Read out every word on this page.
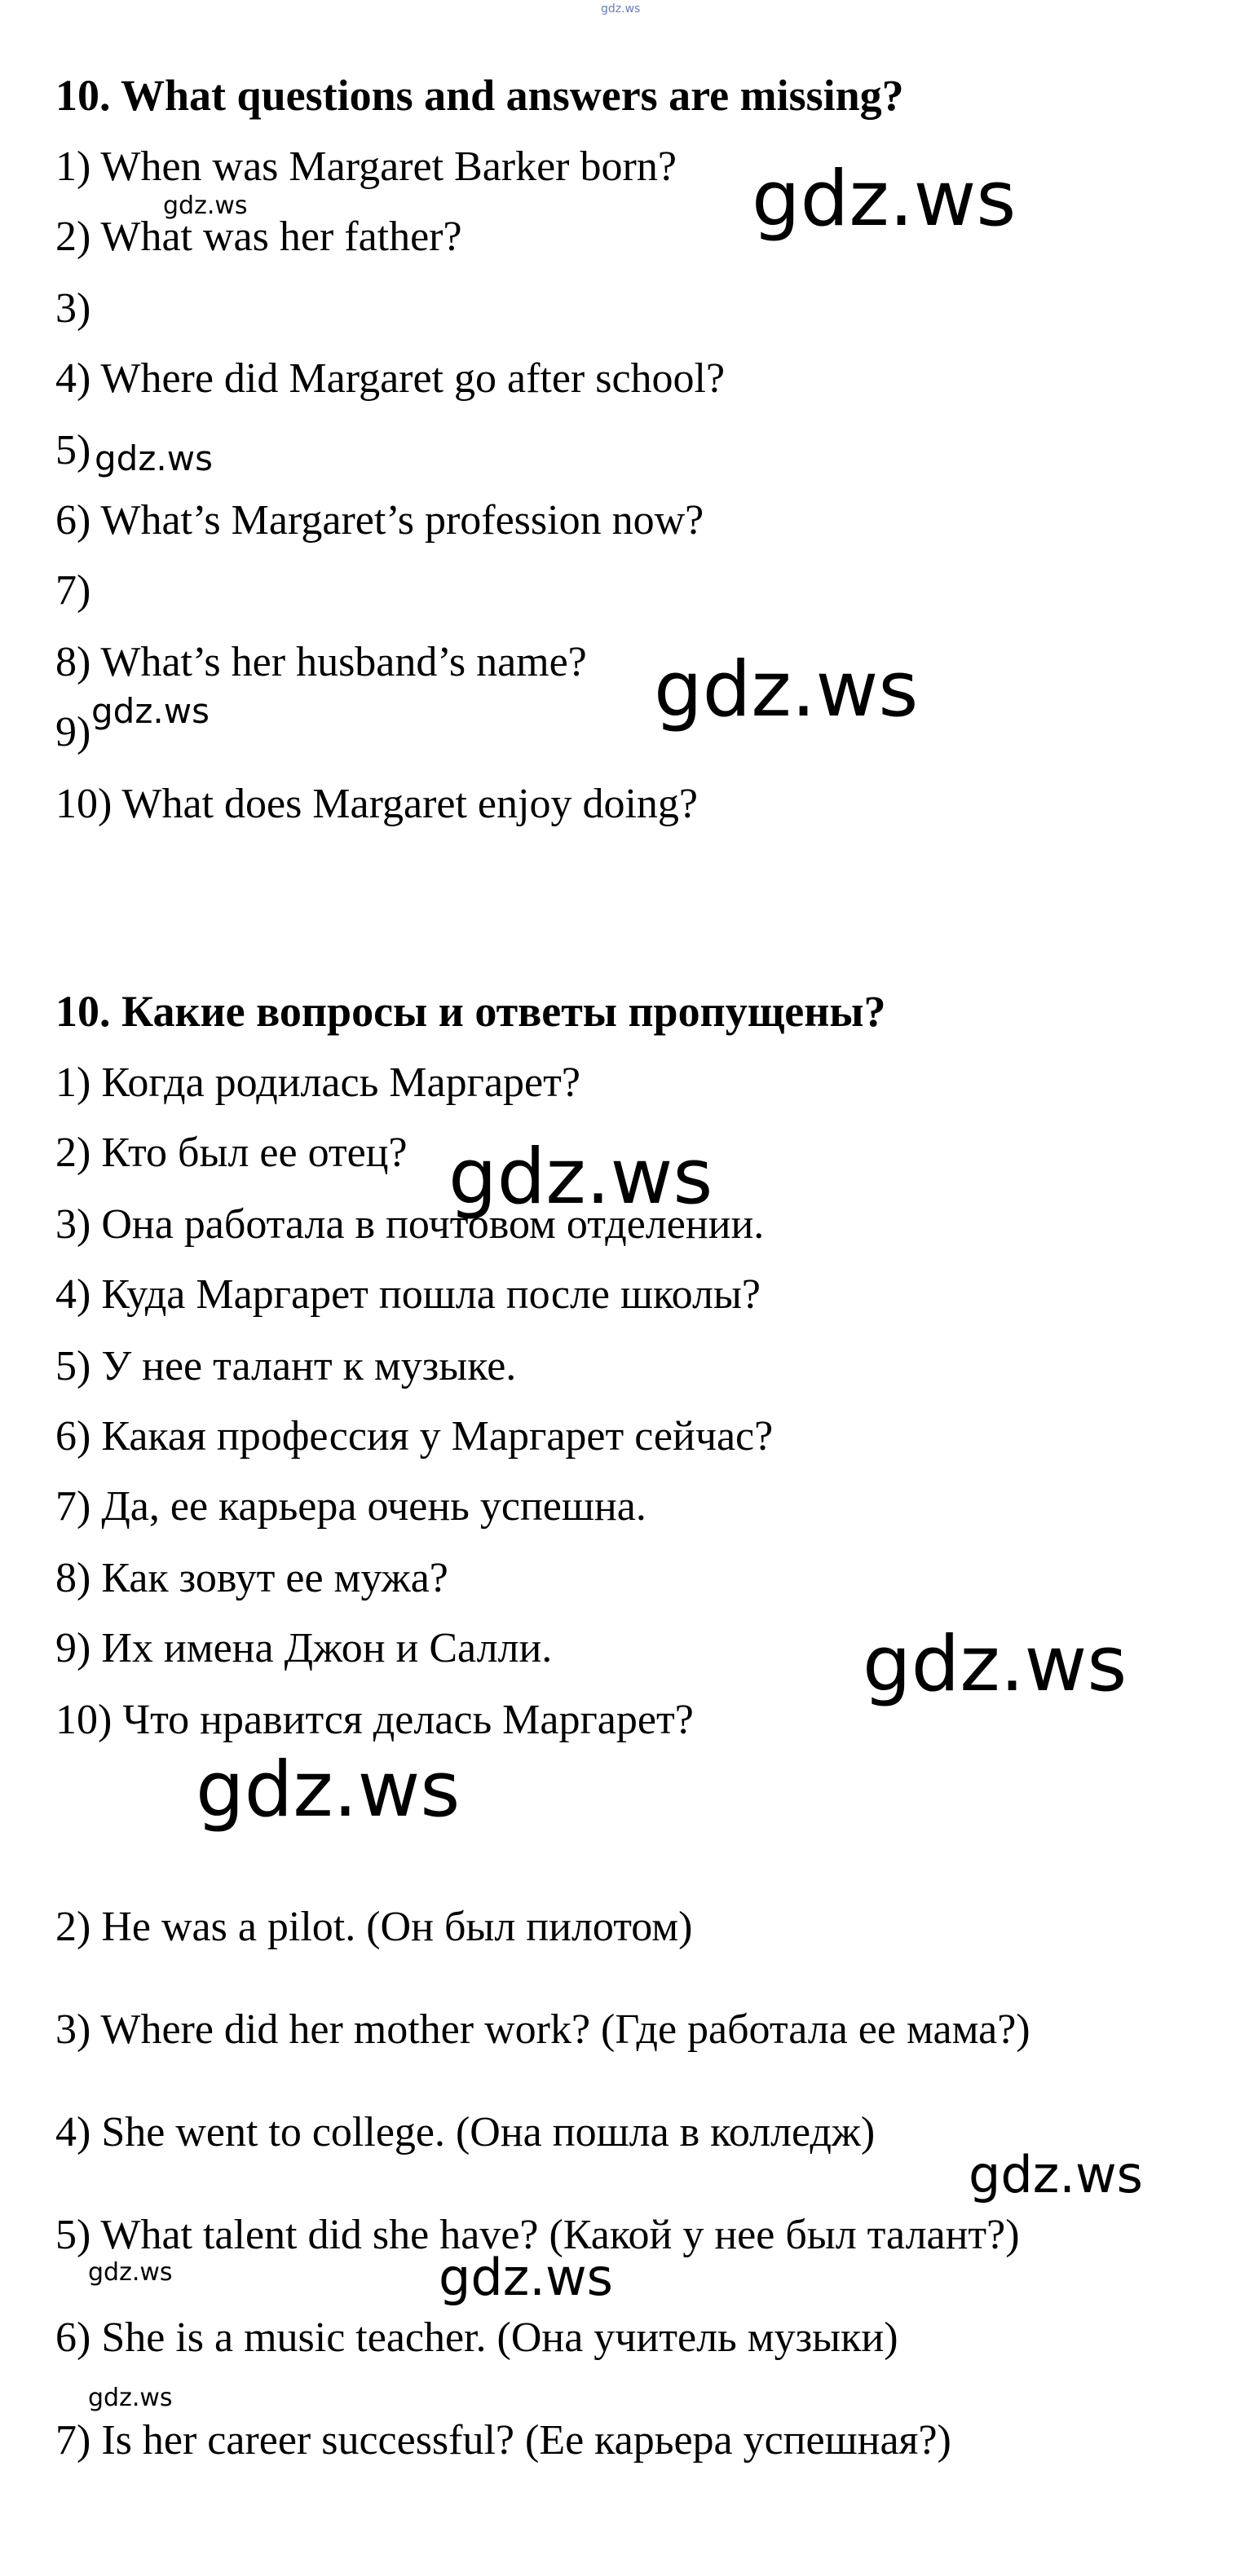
gdz.ws
10. What questions and answers are missing?
1) When was Margaret Barker born?
2) What was her father?
3)
4) Where did Margaret go after school?
5)
6) What’s Margaret’s profession now?
7)
8) What’s her husband’s name?
9)
10) What does Margaret enjoy doing?
10. Какие вопросы и ответы пропущены?
1) Когда родилась Маргарет?
2) Кто был ее отец?
3) Она работала в почтовом отделении.
4) Куда Маргарет пошла после школы?
5) У нее талант к музыке.
6) Какая профессия у Маргарет сейчас?
7) Да, ее карьера очень успешна.
8) Как зовут ее мужа?
9) Их имена Джон и Салли.
10) Что нравится делась Маргарет?
2) He was a pilot. (Он был пилотом)
3) Where did her mother work? (Где работала ее мама?)
4) She went to college. (Она пошла в колледж)
5) What talent did she have? (Какой у нее был талант?)
6) She is a music teacher. (Она учитель музыки)
7) Is her career successful? (Ее карьера успешная?)
gdz.ws
gdz.ws
gdz.ws
gdz.ws
gdz.ws
gdz.ws
gdz.ws
gdz.ws
gdz.ws
gdz.ws
gdz.ws
gdz.ws
